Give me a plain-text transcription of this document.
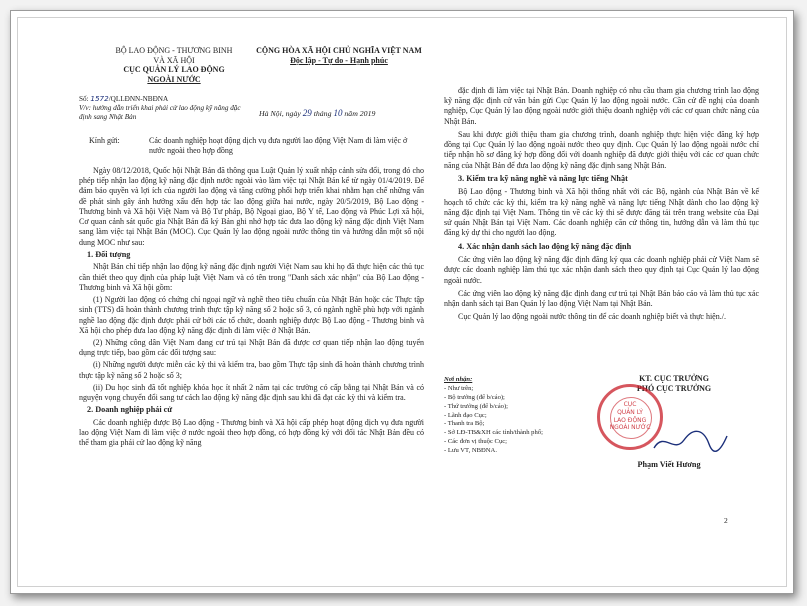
BỘ LAO ĐỘNG - THƯƠNG BINH
VÀ XÃ HỘI
CỤC QUẢN LÝ LAO ĐỘNG
NGOÀI NƯỚC
CỘNG HÒA XÃ HỘI CHỦ NGHĨA VIỆT NAM
Độc lập - Tự do - Hạnh phúc
Số: 1572/QLLĐNN-NBĐNA
V/v: hướng dẫn triển khai phái cử lao động kỹ năng đặc định sang Nhật Bản	Hà Nội, ngày 29 tháng 10 năm 2019
Kính gửi:	Các doanh nghiệp hoạt động dịch vụ đưa người lao động Việt Nam đi làm việc ở nước ngoài theo hợp đồng

Ngày 08/12/2018, Quốc hội Nhật Bản đã thông qua Luật Quản lý xuất nhập cảnh sửa đổi, trong đó cho phép tiếp nhận lao động kỹ năng đặc định nước ngoài vào làm việc tại Nhật Bản kể từ ngày 01/4/2019. Để đảm bảo quyền và lợi ích của người lao động và tăng cường phối hợp triển khai nhằm hạn chế những vấn đề phát sinh gây ảnh hưởng xấu đến hợp tác lao động giữa hai nước, ngày 20/5/2019, Bộ Lao động - Thương binh và Xã hội Việt Nam và Bộ Tư pháp, Bộ Ngoại giao, Bộ Y tế, Lao động và Phúc Lợi xã hội, Cơ quan cảnh sát quốc gia Nhật Bản đã ký Bản ghi nhớ hợp tác đưa lao động kỹ năng đặc định Việt Nam sang làm việc tại Nhật Bản (MOC). Cục Quản lý lao động ngoài nước thông tin và hướng dẫn một số nội dung MOC như sau:

1. Đối tượng

Nhật Bản chỉ tiếp nhận lao động kỹ năng đặc định người Việt Nam sau khi họ đã thực hiện các thủ tục cần thiết theo quy định của pháp luật Việt Nam và có tên trong "Danh sách xác nhận" của Bộ Lao động - Thương binh và Xã hội gồm:

(1) Người lao động có chứng chỉ ngoại ngữ và nghề theo tiêu chuẩn của Nhật Bản hoặc các Thực tập sinh (TTS) đã hoàn thành chương trình thực tập kỹ năng số 2 hoặc số 3, có ngành nghề phù hợp với ngành nghề lao động đặc định được phái cử bởi các tổ chức, doanh nghiệp được Bộ Lao động - Thương binh và Xã hội cho phép đưa lao động kỹ năng đặc định đi làm việc ở Nhật Bản.

(2) Những công dân Việt Nam đang cư trú tại Nhật Bản đã được cơ quan tiếp nhận lao động tuyển dụng trực tiếp, bao gồm các đối tượng sau:

(i) Những người được miễn các kỳ thi và kiểm tra, bao gồm Thực tập sinh đã hoàn thành chương trình thực tập kỹ năng số 2 hoặc số 3;

(ii) Du học sinh đã tốt nghiệp khóa học ít nhất 2 năm tại các trường có cấp bằng tại Nhật Bản và có nguyện vọng chuyển đổi sang tư cách lao động kỹ năng đặc định sau khi đã đạt các kỳ thi và kiểm tra.

2. Doanh nghiệp phái cử

Các doanh nghiệp được Bộ Lao động - Thương binh và Xã hội cấp phép hoạt động dịch vụ đưa người lao động Việt Nam đi làm việc ở nước ngoài theo hợp đồng, có hợp đồng ký với đối tác Nhật Bản đều có thể tham gia phái cử lao động kỹ năng

đặc định đi làm việc tại Nhật Bản. Doanh nghiệp có nhu cầu tham gia chương trình lao động kỹ năng đặc định cử văn bản gửi Cục Quản lý lao động ngoài nước. Cần cử đề nghị của doanh nghiệp, Cục Quản lý lao động ngoài nước giới thiệu doanh nghiệp với các cơ quan chức năng của Nhật Bản.

Sau khi được giới thiệu tham gia chương trình, doanh nghiệp thực hiện việc đăng ký hợp đồng tại Cục Quản lý lao động ngoài nước theo quy định. Cục Quản lý lao động ngoài nước chỉ tiếp nhận hồ sơ đăng ký hợp đồng đối với doanh nghiệp đã được giới thiệu với các cơ quan chức năng của Nhật Bản để đưa lao động kỹ năng đặc định sang Nhật Bản.

3. Kiểm tra kỹ năng nghề và năng lực tiếng Nhật

Bộ Lao động - Thương binh và Xã hội thống nhất với các Bộ, ngành của Nhật Bản về kế hoạch tổ chức các kỳ thi, kiểm tra kỹ năng nghề và năng lực tiếng Nhật dành cho lao động kỹ năng đặc định tại Việt Nam. Thông tin về các kỳ thi sẽ được đăng tải trên trang website của Đại sứ quán Nhật Bản tại Việt Nam. Các doanh nghiệp căn cứ thông tin, hướng dẫn và làm thủ tục đăng ký dự thi cho người lao động.

4. Xác nhận danh sách lao động kỹ năng đặc định

Các ứng viên lao động kỹ năng đặc định đăng ký qua các doanh nghiệp phái cử Việt Nam sẽ được các doanh nghiệp làm thủ tục xác nhận danh sách theo quy định tại Cục Quản lý lao động ngoài nước.

Các ứng viên lao động kỹ năng đặc định đang cư trú tại Nhật Bản báo cáo và làm thủ tục xác nhận danh sách tại Ban Quản lý lao động Việt Nam tại Nhật Bản.

Cục Quản lý lao động ngoài nước thông tin để các doanh nghiệp biết và thực hiện./.

Nơi nhận:
- Như trên;
- Bộ trưởng (để b/cáo);
- Thứ trưởng (để b/cáo);
- Lãnh đạo Cục;
- Thanh tra Bộ;
- Sở LĐ-TB&XH các tỉnh/thành phố;
- Các đơn vị thuộc Cục;
- Lưu VT, NBĐNA.
KT. CỤC TRƯỞNG
PHÓ CỤC TRƯỞNG
CỤC
QUẢN LÝ
LAO ĐỘNG
NGOÀI NƯỚC
Phạm Viết Hương
2
